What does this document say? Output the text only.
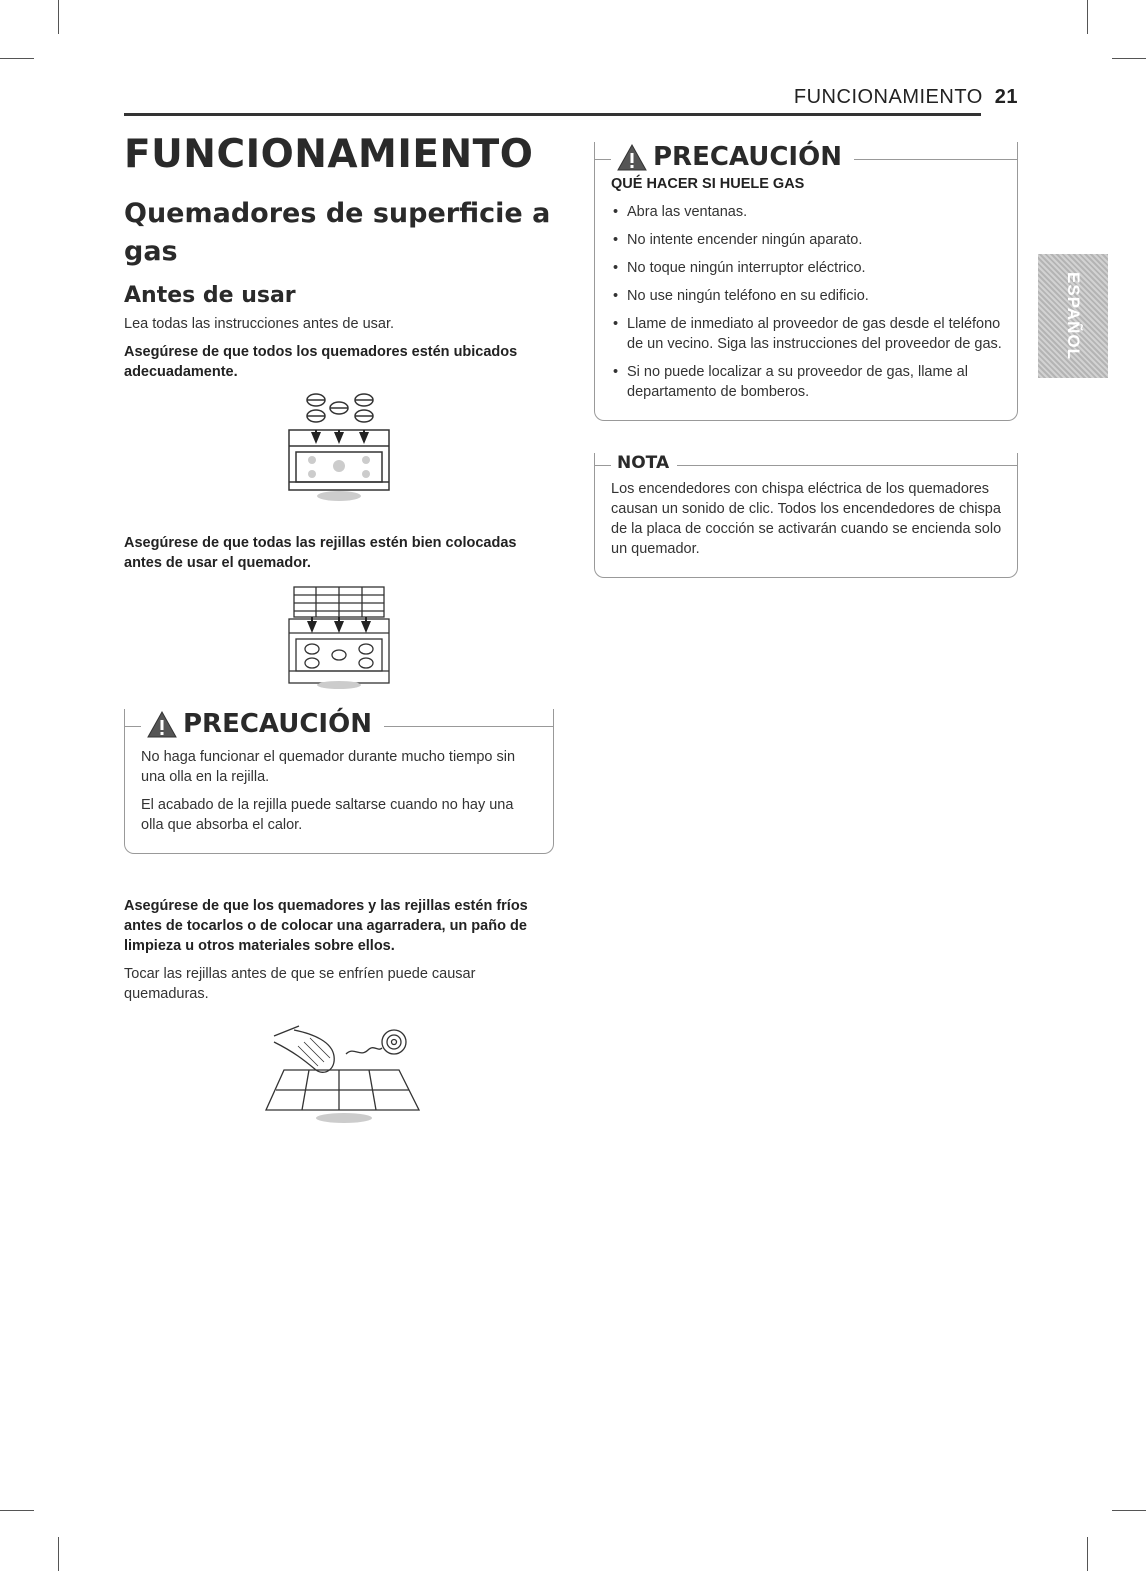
FUNCIONAMIENTO 21
ESPAÑOL
FUNCIONAMIENTO
Quemadores de superficie a gas
Antes de usar

Lea todas las instrucciones antes de usar.

Asegúrese de que todos los quemadores estén ubicados adecuadamente.

Asegúrese de que todas las rejillas estén bien colocadas antes de usar el quemador.

PRECAUCIÓN

No haga funcionar el quemador durante mucho tiempo sin una olla en la rejilla.

El acabado de la rejilla puede saltarse cuando no hay una olla que absorba el calor.

Asegúrese de que los quemadores y las rejillas estén fríos antes de tocarlos o de colocar una agarradera, un paño de limpieza u otros materiales sobre ellos.

Tocar las rejillas antes de que se enfríen puede causar quemaduras.

PRECAUCIÓN
QUÉ HACER SI HUELE GAS
• Abra las ventanas.
• No intente encender ningún aparato.
• No toque ningún interruptor eléctrico.
• No use ningún teléfono en su edificio.
• Llame de inmediato al proveedor de gas desde el teléfono de un vecino. Siga las instrucciones del proveedor de gas.
• Si no puede localizar a su proveedor de gas, llame al departamento de bomberos.
NOTA

Los encendedores con chispa eléctrica de los quemadores causan un sonido de clic. Todos los encendedores de chispa de la placa de cocción se activarán cuando se encienda solo un quemador.
